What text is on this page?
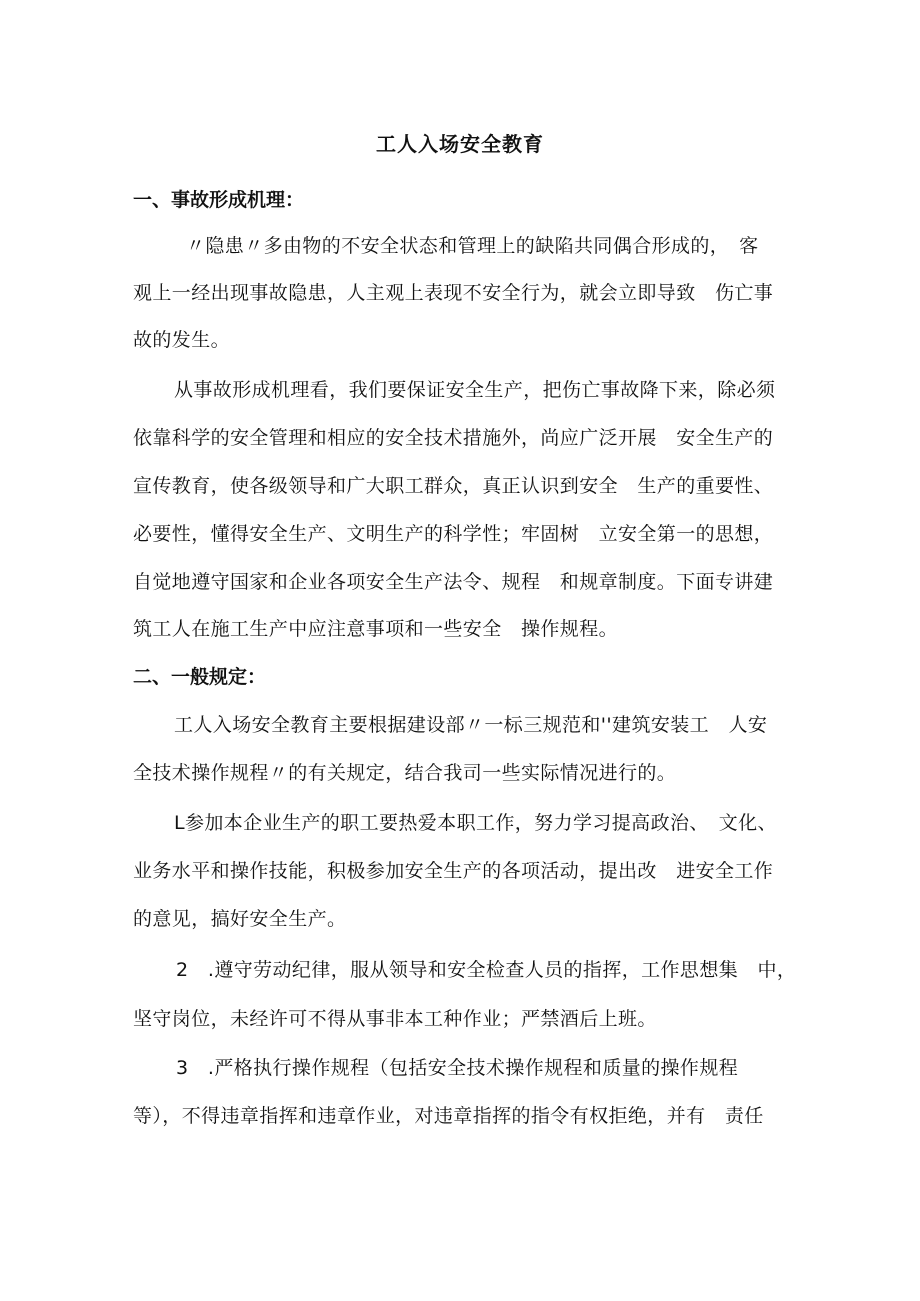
工人入场安全教育
一、事故形成机理：
〃隐患〃多由物的不安全状态和管理上的缺陷共同偶合形成的，　客
观上一经出现事故隐患，人主观上表现不安全行为，就会立即导致　伤亡事
故的发生。
从事故形成机理看，我们要保证安全生产，把伤亡事故降下来，除必须
依靠科学的安全管理和相应的安全技术措施外，尚应广泛开展　安全生产的
宣传教育，使各级领导和广大职工群众，真正认识到安全　生产的重要性、
必要性，懂得安全生产、文明生产的科学性；牢固树　立安全第一的思想，
自觉地遵守国家和企业各项安全生产法令、规程　和规章制度。下面专讲建
筑工人在施工生产中应注意事项和一些安全　操作规程。
二、一般规定：
工人入场安全教育主要根据建设部〃一标三规范和''建筑安装工　人安
全技术操作规程〃的有关规定，结合我司一些实际情况进行的。
L参加本企业生产的职工要热爱本职工作，努力学习提高政治、　文化、
业务水平和操作技能，积极参加安全生产的各项活动，提出改　进安全工作
的意见，搞好安全生产。
2　.遵守劳动纪律，服从领导和安全检查人员的指挥，工作思想集　中，
坚守岗位，未经许可不得从事非本工种作业；严禁酒后上班。
3　.严格执行操作规程（包括安全技术操作规程和质量的操作规程
等），不得违章指挥和违章作业，对违章指挥的指令有权拒绝，并有　责任
